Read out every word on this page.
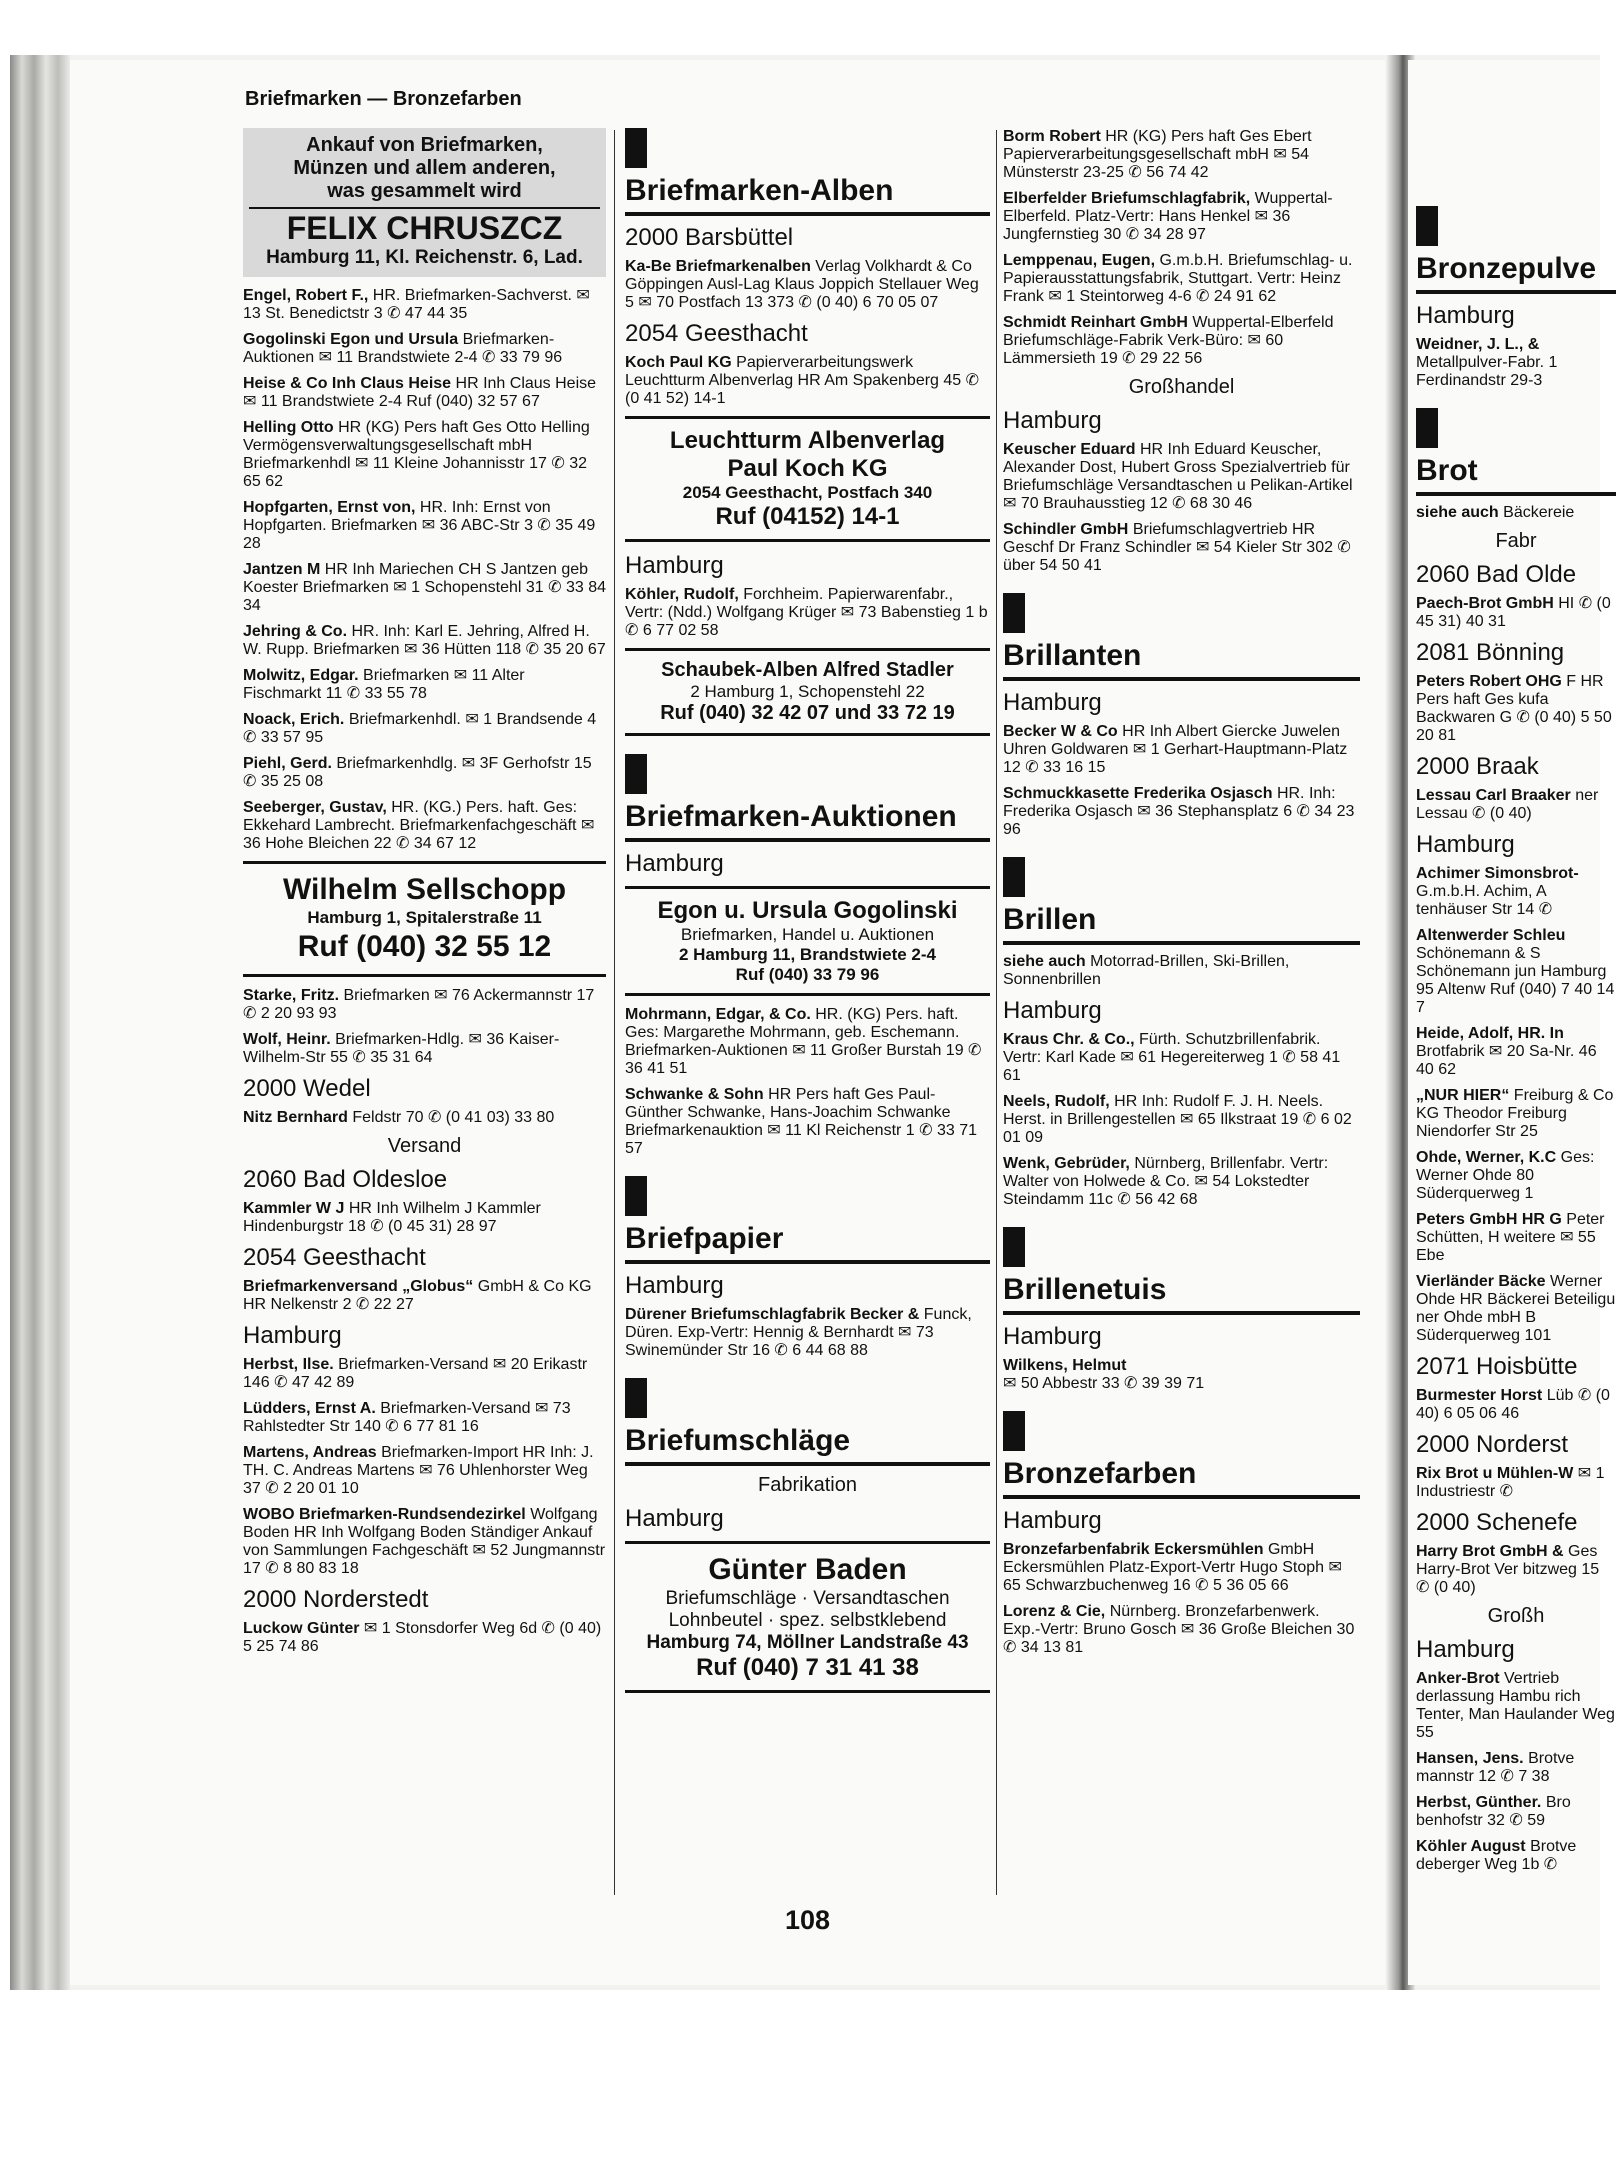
Bronzepulve
Hamburg

Weidner, J. L., & Metallpulver-Fabr. 1 Ferdinandstr 29-3

Brot

siehe auch Bäckereie

Fabr
2060 Bad Olde

Paech-Brot GmbH HI ✆ (0 45 31) 40 31

2081 Bönning

Peters Robert OHG F HR Pers haft Ges kufa Backwaren G ✆ (0 40) 5 50 20 81

2000 Braak

Lessau Carl Braaker ner Lessau ✆ (0 40)

Hamburg

Achimer Simonsbrot- G.m.b.H. Achim, A tenhäuser Str 14 ✆

Altenwerder Schleu Schönemann & S Schönemann jun Hamburg 95 Altenw Ruf (040) 7 40 14 7

Heide, Adolf, HR. In Brotfabrik ✉ 20 Sa-Nr. 46 40 62

„NUR HIER“ Freiburg & Co KG Theodor Freiburg Niendorfer Str 25

Ohde, Werner, K.C Ges: Werner Ohde 80 Süderquerweg 1

Peters GmbH HR G Peter Schütten, H weitere ✉ 55 Ebe

Vierländer Bäcke Werner Ohde HR Bäckerei Beteiligu ner Ohde mbH B Süderquerweg 101

2071 Hoisbütte

Burmester Horst Lüb ✆ (0 40) 6 05 06 46

2000 Norderst

Rix Brot u Mühlen-W ✉ 1 Industriestr ✆

2000 Schenefe

Harry Brot GmbH & Ges Harry-Brot Ver bitzweg 15 ✆ (0 40)

Großh
Hamburg

Anker-Brot Vertrieb derlassung Hambu rich Tenter, Man Haulander Weg 55

Hansen, Jens. Brotve mannstr 12 ✆ 7 38

Herbst, Günther. Bro benhofstr 32 ✆ 59

Köhler August Brotve deberger Weg 1b ✆

Briefmarken — Bronzefarben
Ankauf von Briefmarken,
Münzen und allem anderen,
was gesammelt wird
FELIX CHRUSZCZ
Hamburg 11, Kl. Reichenstr. 6, Lad.

Engel, Robert F., HR. Briefmarken-Sachverst. ✉ 13 St. Benedictstr 3 ✆ 47 44 35

Gogolinski Egon und Ursula Briefmarken-Auktionen ✉ 11 Brandstwiete 2-4 ✆ 33 79 96

Heise & Co Inh Claus Heise HR Inh Claus Heise ✉ 11 Brandstwiete 2-4 Ruf (040) 32 57 67

Helling Otto HR (KG) Pers haft Ges Otto Helling Vermögensverwaltungsgesellschaft mbH Briefmarkenhdl ✉ 11 Kleine Johannisstr 17 ✆ 32 65 62

Hopfgarten, Ernst von, HR. Inh: Ernst von Hopfgarten. Briefmarken ✉ 36 ABC-Str 3 ✆ 35 49 28

Jantzen M HR Inh Mariechen CH S Jantzen geb Koester Briefmarken ✉ 1 Schopenstehl 31 ✆ 33 84 34

Jehring & Co. HR. Inh: Karl E. Jehring, Alfred H. W. Rupp. Briefmarken ✉ 36 Hütten 118 ✆ 35 20 67

Molwitz, Edgar. Briefmarken ✉ 11 Alter Fischmarkt 11 ✆ 33 55 78

Noack, Erich. Briefmarkenhdl. ✉ 1 Brandsende 4 ✆ 33 57 95

Piehl, Gerd. Briefmarkenhdlg. ✉ 3F Gerhofstr 15 ✆ 35 25 08

Seeberger, Gustav, HR. (KG.) Pers. haft. Ges: Ekkehard Lambrecht. Briefmarkenfachgeschäft ✉ 36 Hohe Bleichen 22 ✆ 34 67 12

Wilhelm Sellschopp
Hamburg 1, Spitalerstraße 11
Ruf (040) 32 55 12

Starke, Fritz. Briefmarken ✉ 76 Ackermannstr 17 ✆ 2 20 93 93

Wolf, Heinr. Briefmarken-Hdlg. ✉ 36 Kaiser-Wilhelm-Str 55 ✆ 35 31 64

2000 Wedel

Nitz Bernhard Feldstr 70 ✆ (0 41 03) 33 80

Versand
2060 Bad Oldesloe

Kammler W J HR Inh Wilhelm J Kammler Hindenburgstr 18 ✆ (0 45 31) 28 97

2054 Geesthacht

Briefmarkenversand „Globus“ GmbH & Co KG HR Nelkenstr 2 ✆ 22 27

Hamburg

Herbst, Ilse. Briefmarken-Versand ✉ 20 Erikastr 146 ✆ 47 42 89

Lüdders, Ernst A. Briefmarken-Versand ✉ 73 Rahlstedter Str 140 ✆ 6 77 81 16

Martens, Andreas Briefmarken-Import HR Inh: J. TH. C. Andreas Martens ✉ 76 Uhlenhorster Weg 37 ✆ 2 20 01 10

WOBO Briefmarken-Rundsendezirkel Wolfgang Boden HR Inh Wolfgang Boden Ständiger Ankauf von Sammlungen Fachgeschäft ✉ 52 Jungmannstr 17 ✆ 8 80 83 18

2000 Norderstedt

Luckow Günter ✉ 1 Stonsdorfer Weg 6d ✆ (0 40) 5 25 74 86

Briefmarken-Alben
2000 Barsbüttel

Ka-Be Briefmarkenalben Verlag Volkhardt & Co Göppingen Ausl-Lag Klaus Joppich Stellauer Weg 5 ✉ 70 Postfach 13 373 ✆ (0 40) 6 70 05 07

2054 Geesthacht

Koch Paul KG Papierverarbeitungswerk Leuchtturm Albenverlag HR Am Spakenberg 45 ✆ (0 41 52) 14-1

Leuchtturm Albenverlag
Paul Koch KG
2054 Geesthacht, Postfach 340
Ruf (04152) 14-1
Hamburg

Köhler, Rudolf, Forchheim. Papierwarenfabr., Vertr: (Ndd.) Wolfgang Krüger ✉ 73 Babenstieg 1 b ✆ 6 77 02 58

Schaubek-Alben Alfred Stadler
2 Hamburg 1, Schopenstehl 22
Ruf (040) 32 42 07 und 33 72 19
Briefmarken-Auktionen
Hamburg
Egon u. Ursula Gogolinski
Briefmarken, Handel u. Auktionen
2 Hamburg 11, Brandstwiete 2-4
Ruf (040) 33 79 96

Mohrmann, Edgar, & Co. HR. (KG) Pers. haft. Ges: Margarethe Mohrmann, geb. Eschemann. Briefmarken-Auktionen ✉ 11 Großer Burstah 19 ✆ 36 41 51

Schwanke & Sohn HR Pers haft Ges Paul-Günther Schwanke, Hans-Joachim Schwanke Briefmarkenauktion ✉ 11 Kl Reichenstr 1 ✆ 33 71 57

Briefpapier
Hamburg

Dürener Briefumschlagfabrik Becker & Funck, Düren. Exp-Vertr: Hennig & Bernhardt ✉ 73 Swinemünder Str 16 ✆ 6 44 68 88

Briefumschläge
Fabrikation
Hamburg
Günter Baden
Briefumschläge · Versandtaschen
Lohnbeutel · spez. selbstklebend
Hamburg 74, Möllner Landstraße 43
Ruf (040) 7 31 41 38

Borm Robert HR (KG) Pers haft Ges Ebert Papierverarbeitungsgesellschaft mbH ✉ 54 Münsterstr 23-25 ✆ 56 74 42

Elberfelder Briefumschlagfabrik, Wuppertal-Elberfeld. Platz-Vertr: Hans Henkel ✉ 36 Jungfernstieg 30 ✆ 34 28 97

Lemppenau, Eugen, G.m.b.H. Briefumschlag- u. Papierausstattungsfabrik, Stuttgart. Vertr: Heinz Frank ✉ 1 Steintorweg 4-6 ✆ 24 91 62

Schmidt Reinhart GmbH Wuppertal-Elberfeld Briefumschläge-Fabrik Verk-Büro: ✉ 60 Lämmersieth 19 ✆ 29 22 56

Großhandel
Hamburg

Keuscher Eduard HR Inh Eduard Keuscher, Alexander Dost, Hubert Gross Spezialvertrieb für Briefumschläge Versandtaschen u Pelikan-Artikel ✉ 70 Brauhausstieg 12 ✆ 68 30 46

Schindler GmbH Briefumschlagvertrieb HR Geschf Dr Franz Schindler ✉ 54 Kieler Str 302 ✆ über 54 50 41

Brillanten
Hamburg

Becker W & Co HR Inh Albert Giercke Juwelen Uhren Goldwaren ✉ 1 Gerhart-Hauptmann-Platz 12 ✆ 33 16 15

Schmuckkasette Frederika Osjasch HR. Inh: Frederika Osjasch ✉ 36 Stephansplatz 6 ✆ 34 23 96

Brillen

siehe auch Motorrad-Brillen, Ski-Brillen, Sonnenbrillen

Hamburg

Kraus Chr. & Co., Fürth. Schutzbrillenfabrik. Vertr: Karl Kade ✉ 61 Hegereiterweg 1 ✆ 58 41 61

Neels, Rudolf, HR Inh: Rudolf F. J. H. Neels. Herst. in Brillengestellen ✉ 65 Ilkstraat 19 ✆ 6 02 01 09

Wenk, Gebrüder, Nürnberg, Brillenfabr. Vertr: Walter von Holwede & Co. ✉ 54 Lokstedter Steindamm 11c ✆ 56 42 68

Brillenetuis
Hamburg

Wilkens, Helmut
✉ 50 Abbestr 33 ✆ 39 39 71

Bronzefarben
Hamburg

Bronzefarbenfabrik Eckersmühlen GmbH Eckersmühlen Platz-Export-Vertr Hugo Stoph ✉ 65 Schwarzbuchenweg 16 ✆ 5 36 05 66

Lorenz & Cie, Nürnberg. Bronzefarbenwerk. Exp.-Vertr: Bruno Gosch ✉ 36 Große Bleichen 30 ✆ 34 13 81

108
